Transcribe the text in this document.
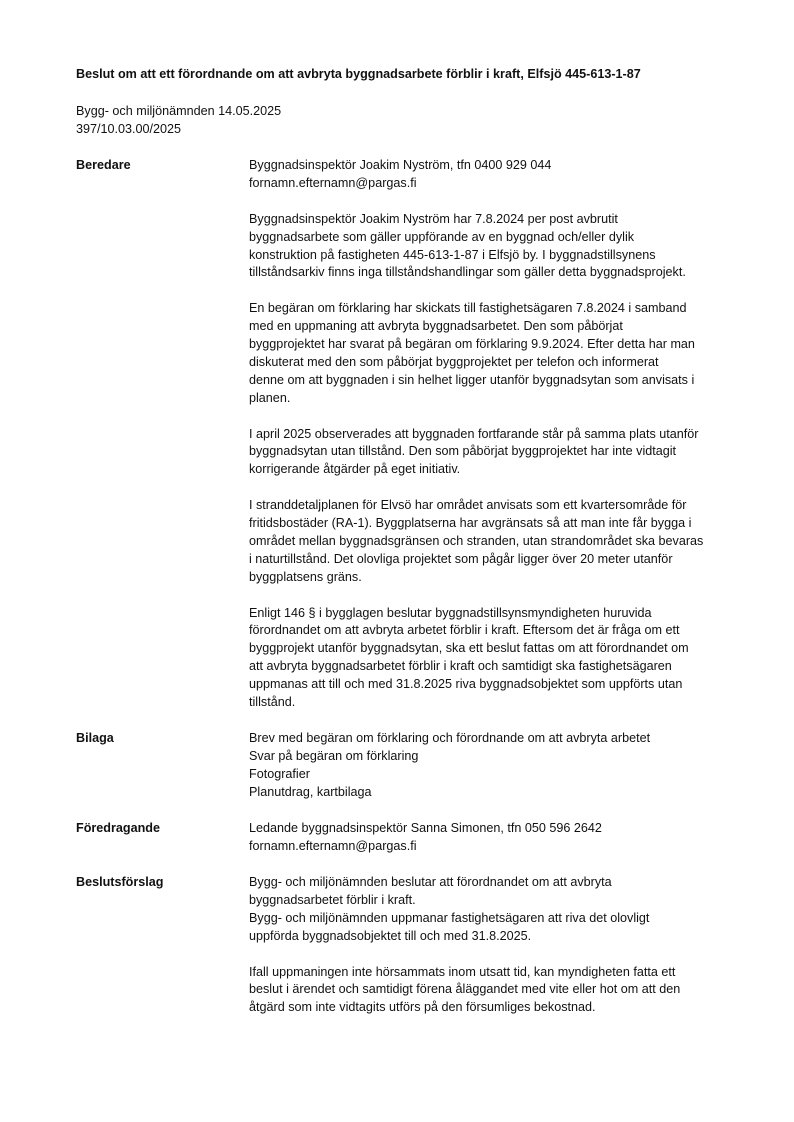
Beslut om att ett förordnande om att avbryta byggnadsarbete förblir i kraft, Elfsjö 445-613-1-87
Bygg- och miljönämnden 14.05.2025
397/10.03.00/2025
Beredare	Byggnadsinspektör Joakim Nyström, tfn 0400 929 044
fornamn.efternamn@pargas.fi
Byggnadsinspektör Joakim Nyström har 7.8.2024 per post avbrutit
byggnadsarbete som gäller uppförande av en byggnad och/eller dylik
konstruktion på fastigheten 445-613-1-87 i Elfsjö by. I byggnadstillsynens
tillståndsarkiv finns inga tillståndshandlingar som gäller detta byggnadsprojekt.
En begäran om förklaring har skickats till fastighetsägaren 7.8.2024 i samband
med en uppmaning att avbryta byggnadsarbetet. Den som påbörjat
byggprojektet har svarat på begäran om förklaring 9.9.2024. Efter detta har man
diskuterat med den som påbörjat byggprojektet per telefon och informerat
denne om att byggnaden i sin helhet ligger utanför byggnadsytan som anvisats i
planen.
I april 2025 observerades att byggnaden fortfarande står på samma plats utanför
byggnadsytan utan tillstånd. Den som påbörjat byggprojektet har inte vidtagit
korrigerande åtgärder på eget initiativ.
I stranddetaljplanen för Elvsö har området anvisats som ett kvartersområde för
fritidsbostäder (RA-1). Byggplatserna har avgränsats så att man inte får bygga i
området mellan byggnadsgränsen och stranden, utan strandområdet ska bevaras
i naturtillstånd. Det olovliga projektet som pågår ligger över 20 meter utanför
byggplatsens gräns.
Enligt 146 § i bygglagen beslutar byggnadstillsynsmyndigheten huruvida
förordnandet om att avbryta arbetet förblir i kraft. Eftersom det är fråga om ett
byggprojekt utanför byggnadsytan, ska ett beslut fattas om att förordnandet om
att avbryta byggnadsarbetet förblir i kraft och samtidigt ska fastighetsägaren
uppmanas att till och med 31.8.2025 riva byggnadsobjektet som uppförts utan
tillstånd.
Bilaga	Brev med begäran om förklaring och förordnande om att avbryta arbetet
Svar på begäran om förklaring
Fotografier
Planutdrag, kartbilaga
Föredragande	Ledande byggnadsinspektör Sanna Simonen, tfn 050 596 2642
fornamn.efternamn@pargas.fi
Beslutsförslag	Bygg- och miljönämnden beslutar att förordnandet om att avbryta
byggnadsarbetet förblir i kraft.
Bygg- och miljönämnden uppmanar fastighetsägaren att riva det olovligt
uppförda byggnadsobjektet till och med 31.8.2025.
Ifall uppmaningen inte hörsammats inom utsatt tid, kan myndigheten fatta ett
beslut i ärendet och samtidigt förena åläggandet med vite eller hot om att den
åtgärd som inte vidtagits utförs på den försumliges bekostnad.
